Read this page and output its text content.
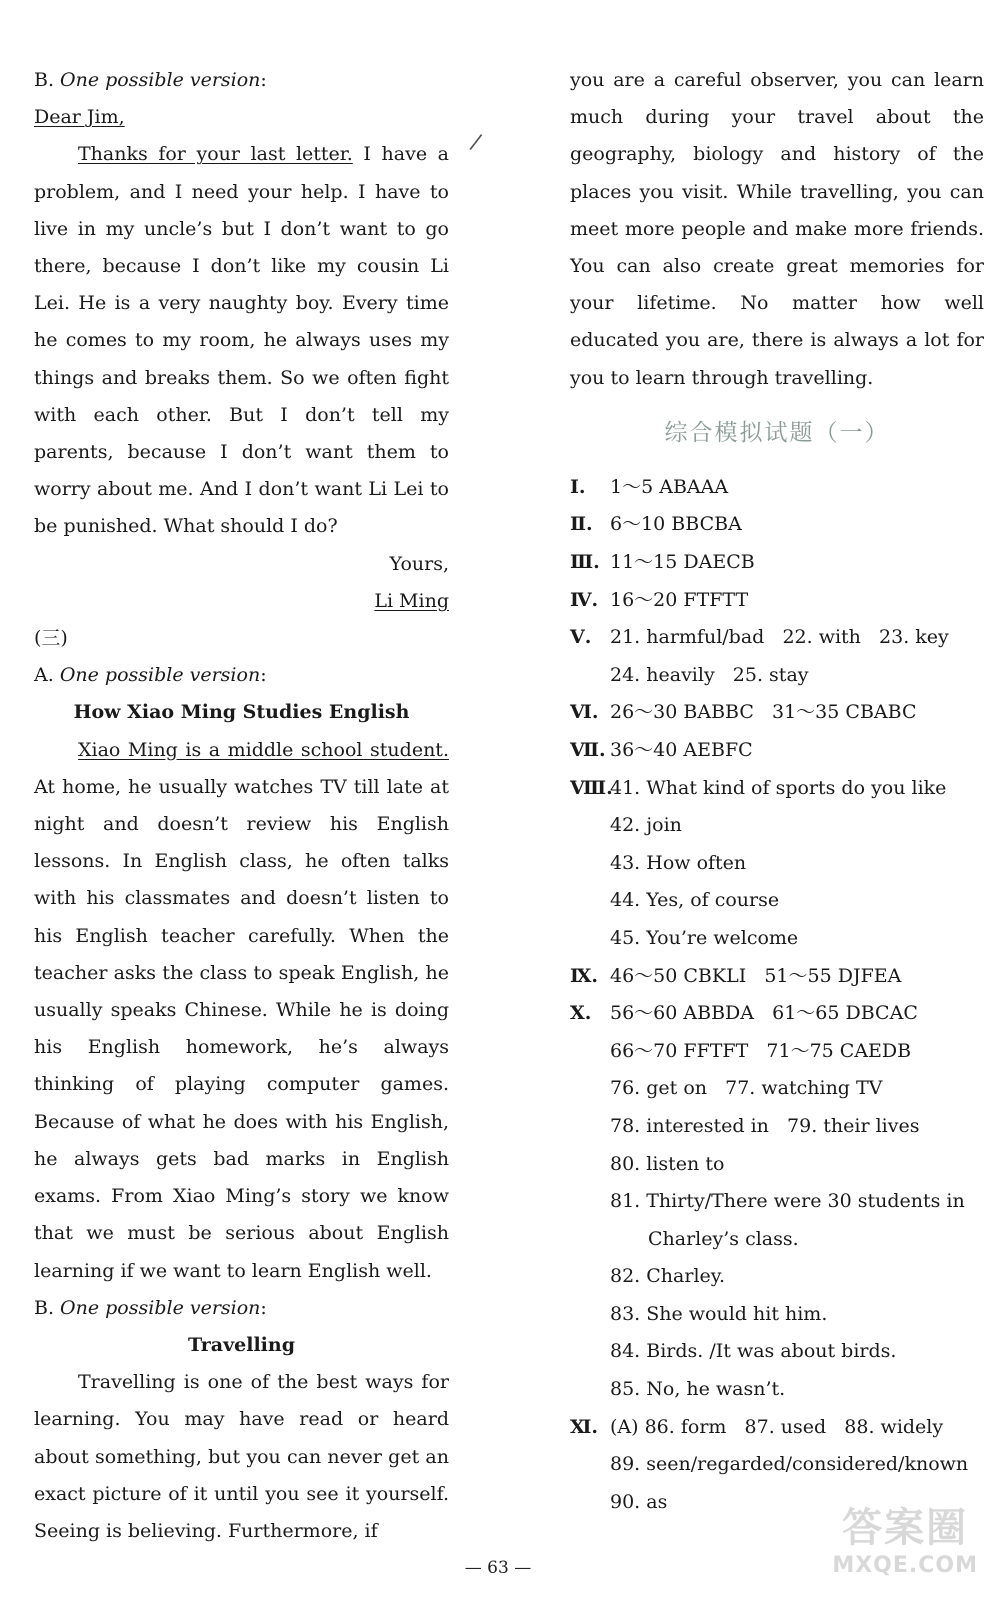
B. One possible version:

Dear Jim,

Thanks for your last letter. I have a problem, and I need your help. I have to live in my uncle’s but I don’t want to go there, because I don’t like my cousin Li Lei. He is a very naughty boy. Every time he comes to my room, he always uses my things and breaks them. So we often fight with each other. But I don’t tell my parents, because I don’t want them to worry about me. And I don’t want Li Lei to be punished. What should I do?

Yours,

Li Ming

(三)

A. One possible version:

How Xiao Ming Studies English

Xiao Ming is a middle school student. At home, he usually watches TV till late at night and doesn’t review his English lessons. In English class, he often talks with his classmates and doesn’t listen to his English teacher carefully. When the teacher asks the class to speak English, he usually speaks Chinese. While he is doing his English homework, he’s always thinking of playing computer games. Because of what he does with his English, he always gets bad marks in English exams. From Xiao Ming’s story we know that we must be serious about English learning if we want to learn English well.

B. One possible version:

Travelling

Travelling is one of the best ways for learning. You may have read or heard about something, but you can never get an exact picture of it until you see it yourself. Seeing is believing. Furthermore, if

/

you are a careful observer, you can learn much during your travel about the geography, biology and history of the places you visit. While travelling, you can meet more people and make more friends. You can also create great memories for your lifetime. No matter how well educated you are, there is always a lot for you to learn through travelling.

综合模拟试题（一）

Ⅰ. 1～5 ABAAA

Ⅱ. 6～10 BBCBA

Ⅲ. 11～15 DAECB

Ⅳ. 16～20 FTFTT

Ⅴ. 21. harmful/bad   22. with   23. key

24. heavily   25. stay

Ⅵ. 26～30 BABBC   31～35 CBABC

Ⅶ. 36～40 AEBFC

Ⅷ.41. What kind of sports do you like

42. join

43. How often

44. Yes, of course

45. You’re welcome

Ⅸ. 46～50 CBKLI   51～55 DJFEA

Ⅹ. 56～60 ABBDA   61～65 DBCAC

66～70 FFTFT   71～75 CAEDB

76. get on   77. watching TV

78. interested in   79. their lives

80. listen to

81. Thirty/There were 30 students in

Charley’s class.

82. Charley.

83. She would hit him.

84. Birds. /It was about birds.

85. No, he wasn’t.

Ⅺ. (A) 86. form   87. used   88. widely

89. seen/regarded/considered/known

90. as

— 63 —
答案圈
MXQE.COM
